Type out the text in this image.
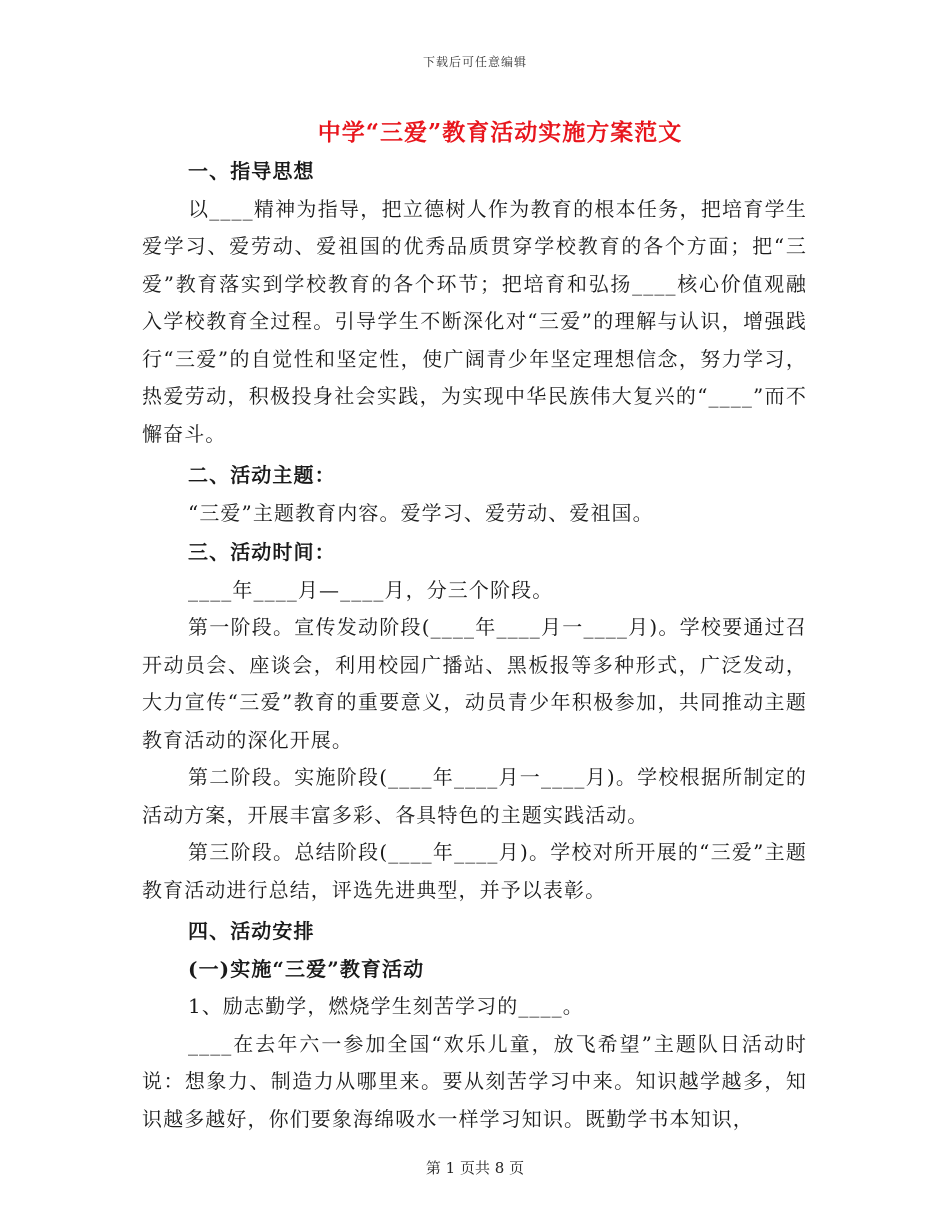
下载后可任意编辑
中学“三爱”教育活动实施方案范文

一、指导思想

以____精神为指导，把立德树人作为教育的根本任务，把培育学生爱学习、爱劳动、爱祖国的优秀品质贯穿学校教育的各个方面；把“三爱”教育落实到学校教育的各个环节；把培育和弘扬____核心价值观融入学校教育全过程。引导学生不断深化对“三爱”的理解与认识，增强践行“三爱”的自觉性和坚定性，使广阔青少年坚定理想信念，努力学习，热爱劳动，积极投身社会实践，为实现中华民族伟大复兴的“____”而不懈奋斗。

二、活动主题：

“三爱”主题教育内容。爱学习、爱劳动、爱祖国。

三、活动时间：

____年____月—____月，分三个阶段。

第一阶段。宣传发动阶段(____年____月一____月)。学校要通过召开动员会、座谈会，利用校园广播站、黑板报等多种形式，广泛发动，大力宣传“三爱”教育的重要意义，动员青少年积极参加，共同推动主题教育活动的深化开展。

第二阶段。实施阶段(____年____月一____月)。学校根据所制定的活动方案，开展丰富多彩、各具特色的主题实践活动。

第三阶段。总结阶段(____年____月)。学校对所开展的“三爱”主题教育活动进行总结，评选先进典型，并予以表彰。

四、活动安排

(一)实施“三爱”教育活动

1、励志勤学，燃烧学生刻苦学习的____。

____在去年六一参加全国“欢乐儿童，放飞希望”主题队日活动时说：想象力、制造力从哪里来。要从刻苦学习中来。知识越学越多，知识越多越好，你们要象海绵吸水一样学习知识。既勤学书本知识，

第 1 页共 8 页
